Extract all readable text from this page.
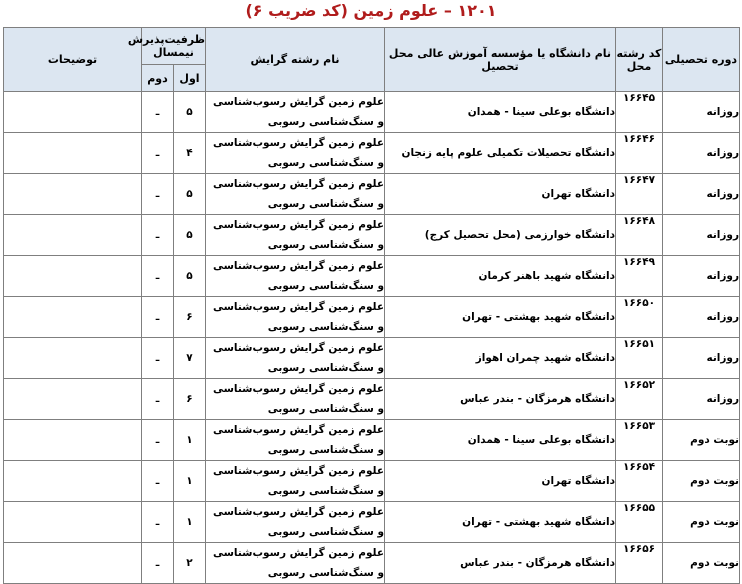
۱۲۰۱ – علوم زمین (کد ضریب ۶)
دوره تحصیلی	کد رشته محل	نام دانشگاه یا مؤسسه آموزش عالی محل تحصیل	نام رشته گرایش	ظرفیت‌پذیرش نیمسال		توضیحات
				اول	دوم	
روزانه	۱۶۶۴۵	دانشگاه بوعلی سینا - همدان	علوم زمین گرایش رسوب‌شناسی و سنگ‌شناسی رسوبی	۵	ـ	
روزانه	۱۶۶۴۶	دانشگاه تحصیلات تکمیلی علوم پایه زنجان	علوم زمین گرایش رسوب‌شناسی و سنگ‌شناسی رسوبی	۴	ـ	
روزانه	۱۶۶۴۷	دانشگاه تهران	علوم زمین گرایش رسوب‌شناسی و سنگ‌شناسی رسوبی	۵	ـ	
روزانه	۱۶۶۴۸	دانشگاه خوارزمی (محل تحصیل کرج)	علوم زمین گرایش رسوب‌شناسی و سنگ‌شناسی رسوبی	۵	ـ	
روزانه	۱۶۶۴۹	دانشگاه شهید باهنر کرمان	علوم زمین گرایش رسوب‌شناسی و سنگ‌شناسی رسوبی	۵	ـ	
روزانه	۱۶۶۵۰	دانشگاه شهید بهشتی - تهران	علوم زمین گرایش رسوب‌شناسی و سنگ‌شناسی رسوبی	۶	ـ	
روزانه	۱۶۶۵۱	دانشگاه شهید چمران اهواز	علوم زمین گرایش رسوب‌شناسی و سنگ‌شناسی رسوبی	۷	ـ	
روزانه	۱۶۶۵۲	دانشگاه هرمزگان - بندر عباس	علوم زمین گرایش رسوب‌شناسی و سنگ‌شناسی رسوبی	۶	ـ	
نوبت دوم	۱۶۶۵۳	دانشگاه بوعلی سینا - همدان	علوم زمین گرایش رسوب‌شناسی و سنگ‌شناسی رسوبی	۱	ـ	
نوبت دوم	۱۶۶۵۴	دانشگاه تهران	علوم زمین گرایش رسوب‌شناسی و سنگ‌شناسی رسوبی	۱	ـ	
نوبت دوم	۱۶۶۵۵	دانشگاه شهید بهشتی - تهران	علوم زمین گرایش رسوب‌شناسی و سنگ‌شناسی رسوبی	۱	ـ	
نوبت دوم	۱۶۶۵۶	دانشگاه هرمزگان - بندر عباس	علوم زمین گرایش رسوب‌شناسی و سنگ‌شناسی رسوبی	۲	ـ	
